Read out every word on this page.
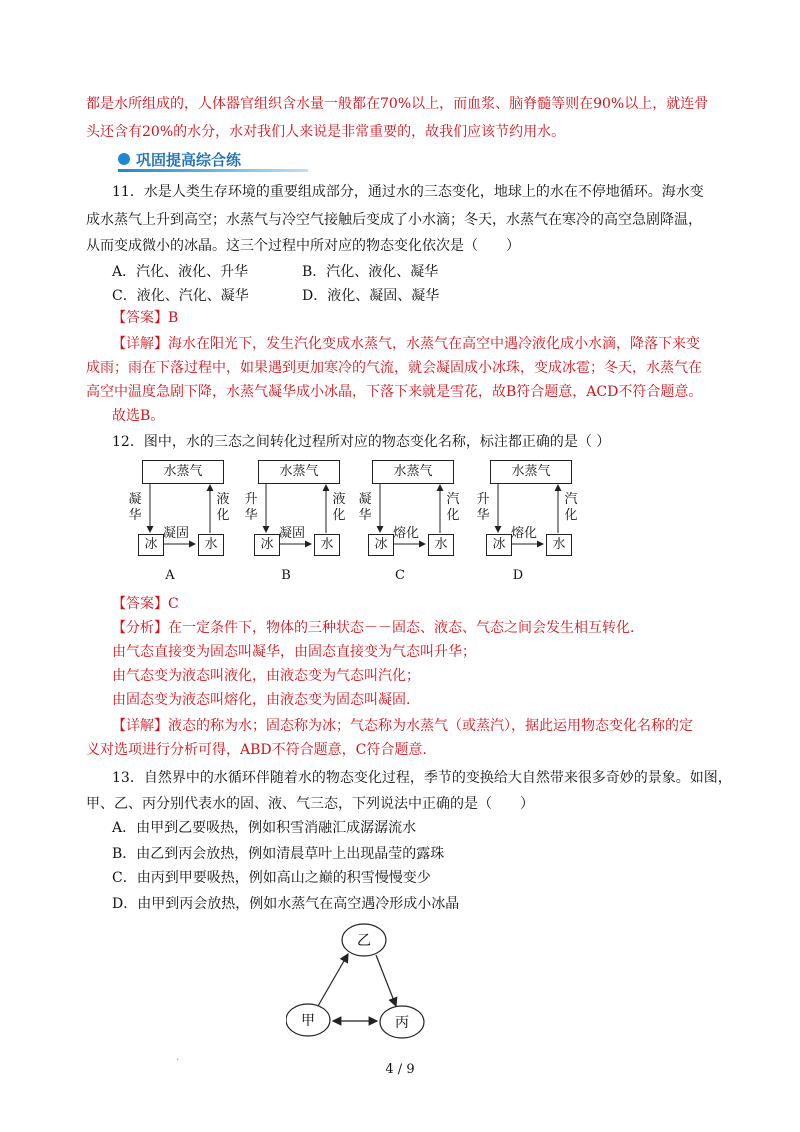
都是水所组成的，人体器官组织含水量一般都在70%以上，而血浆、脑脊髓等则在90%以上，就连骨
头还含有20%的水分，水对我们人来说是非常重要的，故我们应该节约用水。
巩固提高综合练
11．水是人类生存环境的重要组成部分，通过水的三态变化，地球上的水在不停地循环。海水变
成水蒸气上升到高空；水蒸气与冷空气接触后变成了小水滴；冬天，水蒸气在寒冷的高空急剧降温，
从而变成微小的冰晶。这三个过程中所对应的物态变化依次是（　　）
A．汽化、液化、升华	B．汽化、液化、凝华
C．液化、汽化、凝华	D．液化、凝固、凝华
【答案】B
【详解】海水在阳光下，发生汽化变成水蒸气，水蒸气在高空中遇冷液化成小水滴，降落下来变
成雨；雨在下落过程中，如果遇到更加寒冷的气流，就会凝固成小冰珠，变成冰雹；冬天，水蒸气在
高空中温度急剧下降，水蒸气凝华成小冰晶，下落下来就是雪花，故B符合题意，ACD不符合题意。
故选B。
12．图中，水的三态之间转化过程所对应的物态变化名称，标注都正确的是（ ）
水蒸气
冰	水
凝华
液化
凝固
A
水蒸气
冰	水
升华
液化
凝固
B
水蒸气
冰	水
凝华
汽化
熔化
C
水蒸气
冰	水
升华
汽化
熔化
D
【答案】C
【分析】在一定条件下，物体的三种状态－－固态、液态、气态之间会发生相互转化.
由气态直接变为固态叫凝华，由固态直接变为气态叫升华；
由气态变为液态叫液化，由液态变为气态叫汽化；
由固态变为液态叫熔化，由液态变为固态叫凝固.
【详解】液态的称为水；固态称为冰；气态称为水蒸气（或蒸汽），据此运用物态变化名称的定
义对选项进行分析可得，ABD不符合题意，C符合题意.
13．自然界中的水循环伴随着水的物态变化过程，季节的变换给大自然带来很多奇妙的景象。如图，
甲、乙、丙分别代表水的固、液、气三态，下列说法中正确的是（　　）
A．由甲到乙要吸热，例如积雪消融汇成潺潺流水
B．由乙到丙会放热，例如清晨草叶上出现晶莹的露珠
C．由丙到甲要吸热，例如高山之巅的积雪慢慢变少
D．由甲到丙会放热，例如水蒸气在高空遇冷形成小冰晶
乙
甲	丙
.
4 / 9
